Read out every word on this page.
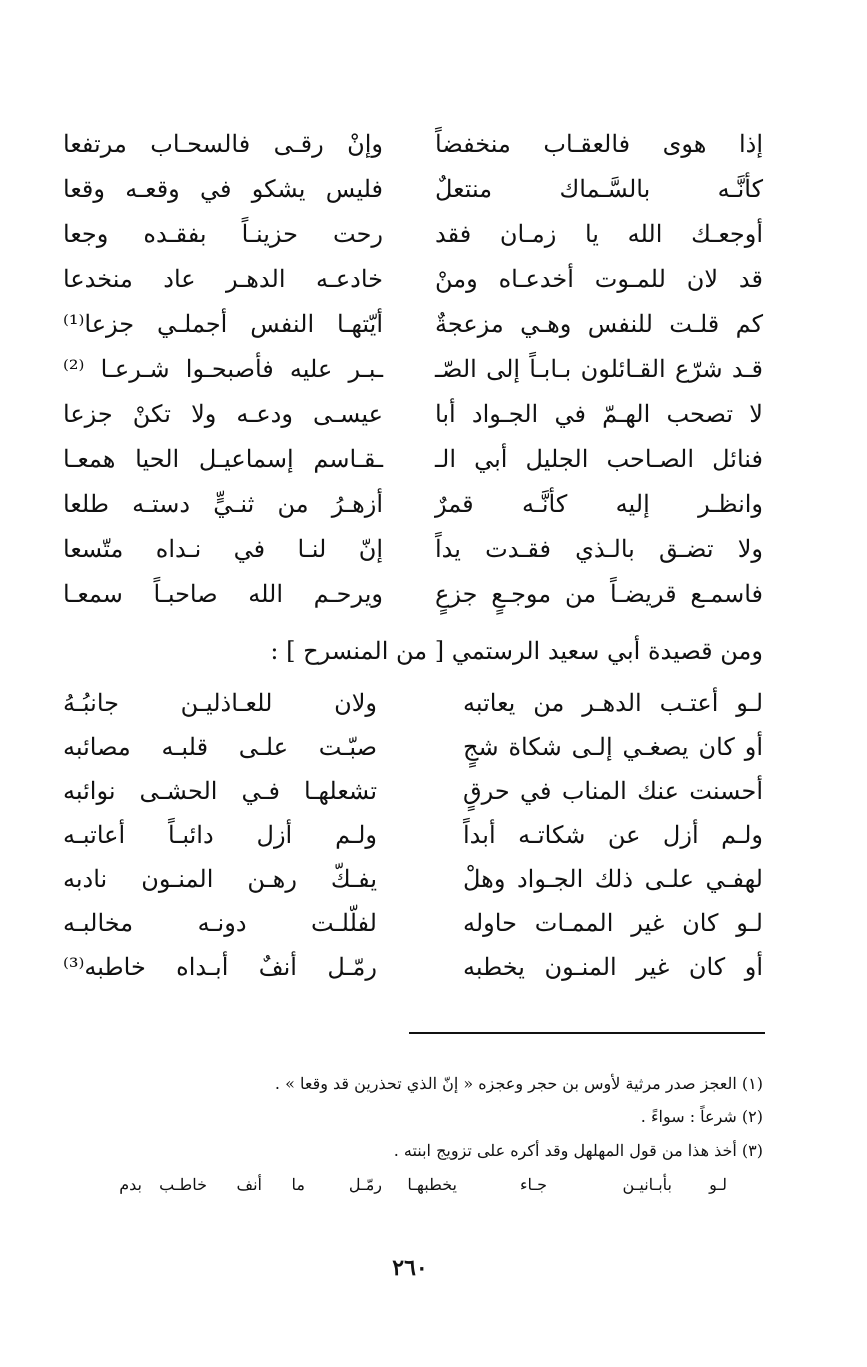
إذا هوى فالعقـاب منخفضاً
وإنْ رقـى فالسحـاب مرتفعا
كأنَّـه بالسَّـماك منتعلٌ
فليس يشكو في وقعـه وقعا
أوجعـك الله يا زمـان فقد
رحت حزينـاً بفقـده وجعا
قد لان للمـوت أخدعـاه ومنْ
خادعـه الدهـر عاد منخدعا
كم قلـت للنفس وهـي مزعجةٌ
أيّتهـا النفس أجملـي جزعا⁽¹⁾
قـد شرّع القـائلون بـابـاً إلى الصّـ
ـبـر عليه فأصبحـوا شـرعـا ⁽²⁾
لا تصحب الهـمّ في الجـواد أبا
عيسـى ودعـه ولا تكنْ جزعا
فنائل الصـاحب الجليل أبي الـ
ـقـاسم إسماعيـل الحيا همعـا
وانظـر إليه كأنَّـه قمرٌ
أزهـرُ من ثنـيٍّ دستـه طلعا
ولا تضـق بالـذي فقـدت يداً
إنّ لنـا في نـداه متّسعا
فاسمـع قريضـاً من موجـعٍ جزعٍ
ويرحـم الله صاحبـاً سمعـا
ومن قصيدة أبي سعيد الرستمي [ من المنسرح ] :
لـو أعتـب الدهـر من يعاتبه
ولان للعـاذليـن جانبُـهُ
أو كان يصغـي إلـى شكاة شجٍ
صبّـت علـى قلبـه مصائبه
أحسنت عنك المناب في حرقٍ
تشعلهـا فـي الحشـى نوائبه
ولـم أزل عن شكاتـه أبداً
ولـم أزل دائبـاً أعاتبـه
لهفـي علـى ذلك الجـواد وهلْ
يفـكّ رهـن المنـون نادبه
لـو كان غير الممـات حاوله
لفلّلـت دونـه مخالبـه
أو كان غير المنـون يخطبه
رمّـل أنفٌ أبـداه خاطبه⁽³⁾
(١) العجز صدر مرثية لأوس بن حجر وعجزه « إنّ الذي تحذرين قد وقعا » .
(٢) شرعاً : سواءً .
(٣) أخذ هذا من قول المهلهل وقد أكره على تزويج ابنته .
لـو
بأبـانيـن
جـاء
يخطبهـا
رمّـل
ما
أنف
خاطـب
بدم
٢٦٠
